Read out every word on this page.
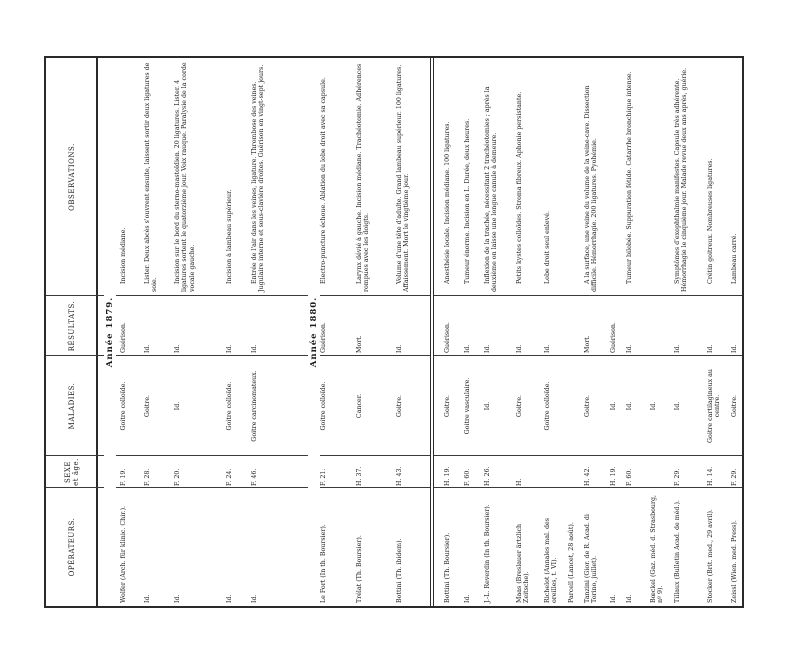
OPÉRATEURS.
SEXE et âge.
MALADIES.
RÉSULTATS.
OBSERVATIONS.
Année 1879.
Wolfer (Arch. für klinic. Chir.).
F. 19.
Goitre colloïde.
Guérison.
Incision médiane.
Id.
F. 28.
Goitre.
Id.
Lister. Deux abcès s'ouvrent ensuite, laissent sortir deux ligatures de soie.
Id.
F. 20.
Id.
Id.
Incision sur le bord du sterno-mastoïdien. 20 ligatures. Lister. 4 ligatures sortent le quatorzième jour. Voix rauque. Paralysie de la corde vocale gauche.
Id.
F. 24.
Goitre colloïde.
Id.
Incision à lambeau supérieur.
Id.
F. 46.
Goitre carcinomateux.
Id.
Entrée de l'air dans les veines, ligature. Thrombose des veines. Jugulaire interne et sous-clavière droites. Guérison en vingt-sept jours.
Année 1880.
Le Fort (In th. Boursier).
F. 21.
Goitre colloïde.
Guérison.
Electro-puncture échoue. Ablation du lobe droit avec sa capsule.
Trélat (Th. Boursier).
H. 37.
Cancer.
Mort.
Larynx dévié à gauche. Incision médiane. Trachéotomie. Adhérences rompues avec les doigts.
Bottini (Th. ibidem).
H. 43.
Goitre.
Id.
Volume d'une tête d'adulte. Grand lambeau supérieur. 100 ligatures. Affaissement. Mort le vingtième jour.
Bottini (Th. Boursier).
H. 19.
Goitre.
Guérison.
Anesthésie locale. Incision médiane. 100 ligatures.
Id.
F. 60.
Goitre vasculaire.
Id.
Tumeur énorme. Incision en L. Durée, deux heures.
J.-L. Reverdin (In th. Boursier).
H. 26.
Id.
Id.
Inflexion de la trachée, nécessitant 2 trachéotomies ; après la deuxième on laisse une longue canule à demeure.
Maas (Breslauer ärtzlich Zeitsche).
H.
Goitre.
Id.
Petits kystes colloïdes. Stroma fibreux. Aphonie persistante.
Richelot (Annales mal. des oreilles, t. VI).
Goitre colloïde.
Id.
Lobe droit seul enlevé.
Parcell (Lancet, 28 août). Tanzini (Gior. de R. Acad. di Torino, juillet).
H. 42.
Goitre.
Mort.
A la surface, une veine du volume de la veine-cave. Dissection difficile. Hémorrhagie. 200 ligatures. Pyohémie.
Id.
H. 19.
Id.
Guérison.
Id.
F. 60.
Id.
Id.
Tumeur bilobée. Suppuration fétide. Catarrhe bronchique intense.
Bœckel (Gaz. méd. d. Strasbourg, nº 9).
Id.
Tillaux (Bulletin Acad. de méd.).
F. 29.
Id.
Id.
Symptômes d'exophthalmie manifestes. Capsule très adhérente. Hémorrhagie le cinquième jour. Malade revue deux ans après, guérie.
Stocker (Brit. med., 29 avril).
H. 14.
Goitre cartilagineux au centre.
Id.
Crétin goitreux. Nombreuses ligatures.
Zeissl (Wien. med. Press).
F. 29.
Goitre.
Id.
Lambeau carré.
